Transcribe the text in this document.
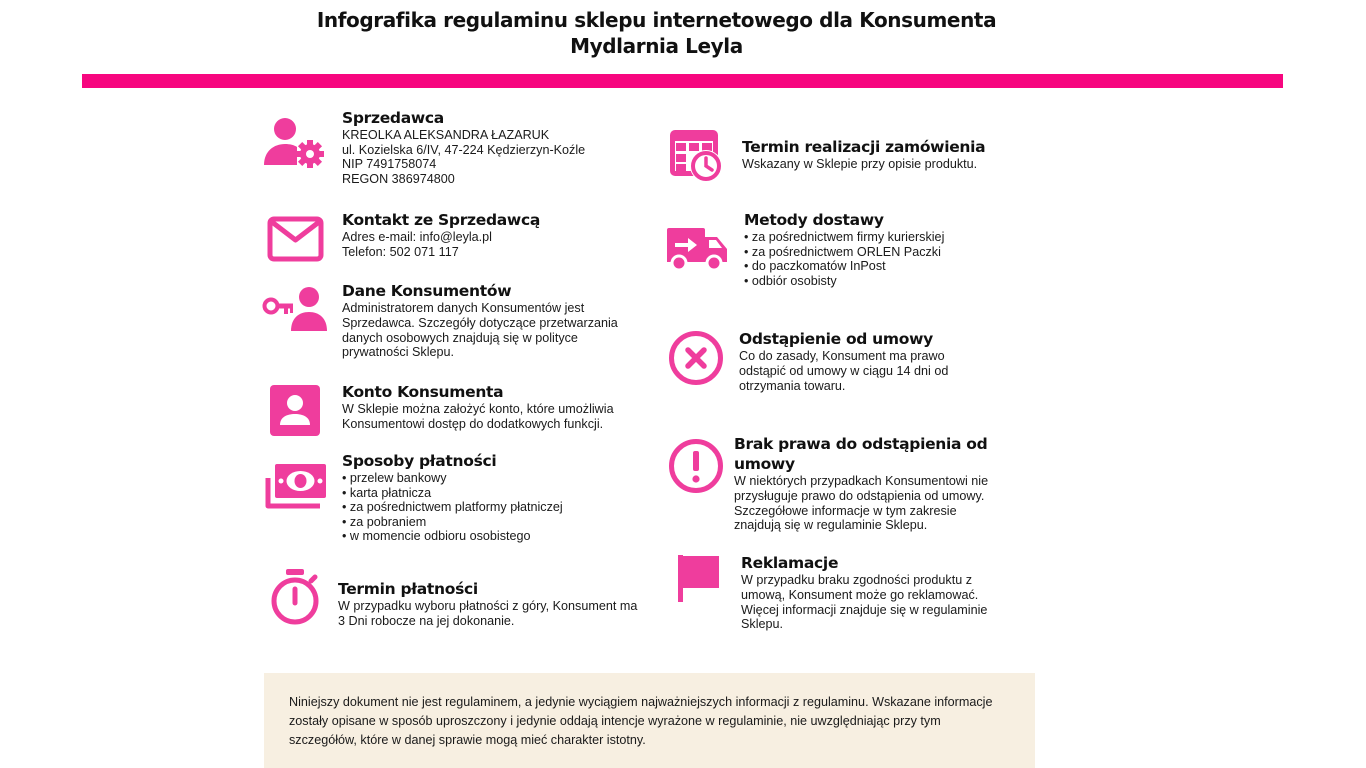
Infografika regulaminu sklepu internetowego dla Konsumenta
Mydlarnia Leyla
Sprzedawca
KREOLKA ALEKSANDRA ŁAZARUK
ul. Kozielska 6/IV, 47-224 Kędzierzyn-Koźle
NIP 7491758074
REGON 386974800
Kontakt ze Sprzedawcą
Adres e-mail: info@leyla.pl
Telefon: 502 071 117
Dane Konsumentów
Administratorem danych Konsumentów jest Sprzedawca. Szczegóły dotyczące przetwarzania danych osobowych znajdują się w polityce prywatności Sklepu.
Konto Konsumenta
W Sklepie można założyć konto, które umożliwia Konsumentowi dostęp do dodatkowych funkcji.
Sposoby płatności
• przelew bankowy
• karta płatnicza
• za pośrednictwem platformy płatniczej
• za pobraniem
• w momencie odbioru osobistego
Termin płatności
W przypadku wyboru płatności z góry, Konsument ma 3 Dni robocze na jej dokonanie.
Termin realizacji zamówienia
Wskazany w Sklepie przy opisie produktu.
Metody dostawy
• za pośrednictwem firmy kurierskiej
• za pośrednictwem ORLEN Paczki
• do paczkomatów InPost
• odbiór osobisty
Odstąpienie od umowy
Co do zasady, Konsument ma prawo odstąpić od umowy w ciągu 14 dni od otrzymania towaru.
Brak prawa do odstąpienia od umowy
W niektórych przypadkach Konsumentowi nie przysługuje prawo do odstąpienia od umowy. Szczegółowe informacje w tym zakresie znajdują się w regulaminie Sklepu.
Reklamacje
W przypadku braku zgodności produktu z umową, Konsument może go reklamować. Więcej informacji znajduje się w regulaminie Sklepu.

Niniejszy dokument nie jest regulaminem, a jedynie wyciągiem najważniejszych informacji z regulaminu. Wskazane informacje zostały opisane w sposób uproszczony i jedynie oddają intencje wyrażone w regulaminie, nie uwzględniając przy tym szczegółów, które w danej sprawie mogą mieć charakter istotny.
